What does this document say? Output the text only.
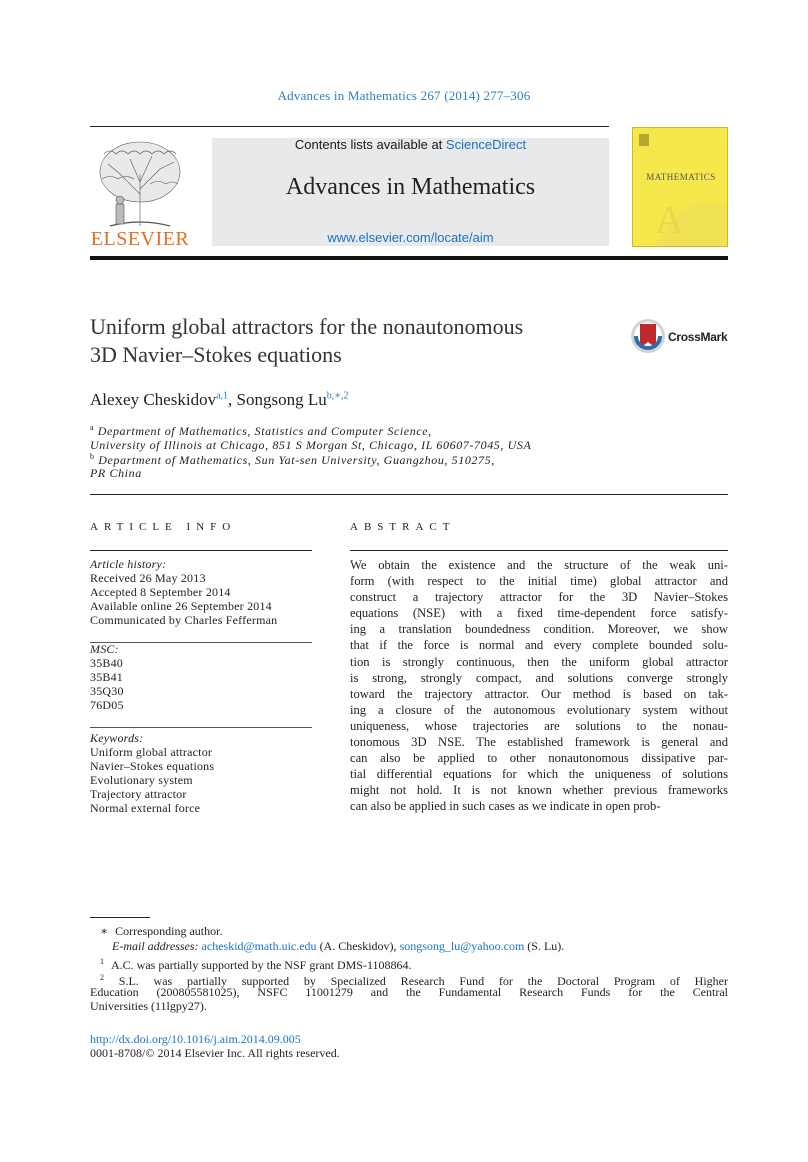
Advances in Mathematics 267 (2014) 277–306
ELSEVIER
Contents lists available at ScienceDirect
Advances in Mathematics
www.elsevier.com/locate/aim	A
MATHEMATICS
Uniform global attractors for the nonautonomous
3D Navier–Stokes equations
CrossMark
Alexey Cheskidov$^{a,1}$, Songsong $Lu^{b,∗,2}$
$^a$ Department of Mathematics, Statistics and Computer Science,
University of Illinois at Chicago, 851 S Morgan St, Chicago, IL 60607-7045, USA
$^b$ Department of Mathematics, Sun Yat-sen University, Guangzhou, 510275,
PR China
ARTICLE INFO	ABSTRACT
Article history:
Received 26 May 2013
Accepted 8 September 2014
Available online 26 September 2014
Communicated by Charles Fefferman
MSC:
35B40
35B41
35Q30
76D05
Keywords:
Uniform global attractor
Navier–Stokes equations
Evolutionary system
Trajectory attractor
Normal external force
We obtain the existence and the structure of the weak uni-
form (with respect to the initial time) global attractor and
construct a trajectory attractor for the 3D Navier–Stokes
equations (NSE) with a fixed time-dependent force satisfy-
ing a translation boundedness condition. Moreover, we show
that if the force is normal and every complete bounded solu-
tion is strongly continuous, then the uniform global attractor
is strong, strongly compact, and solutions converge strongly
toward the trajectory attractor. Our method is based on tak-
ing a closure of the autonomous evolutionary system without
uniqueness, whose trajectories are solutions to the nonau-
tonomous 3D NSE. The established framework is general and
can also be applied to other nonautonomous dissipative par-
tial differential equations for which the uniqueness of solutions
might not hold. It is not known whether previous frameworks
can also be applied in such cases as we indicate in open prob-
∗ Corresponding author.
E-mail addresses: acheskid@math.uic.edu (A. Cheskidov), songsong_lu@yahoo.com (S. Lu).
$^1$ A.C. was partially supported by the NSF grant DMS-1108864.
$^2$ S.L. was partially supported by Specialized Research Fund for the Doctoral Program of Higher
Education (200805581025), NSFC 11001279 and the Fundamental Research Funds for the Central
Universities (11lgpy27).
http://dx.doi.org/10.1016/j.aim.2014.09.005
0001-8708/© 2014 Elsevier Inc. All rights reserved.
